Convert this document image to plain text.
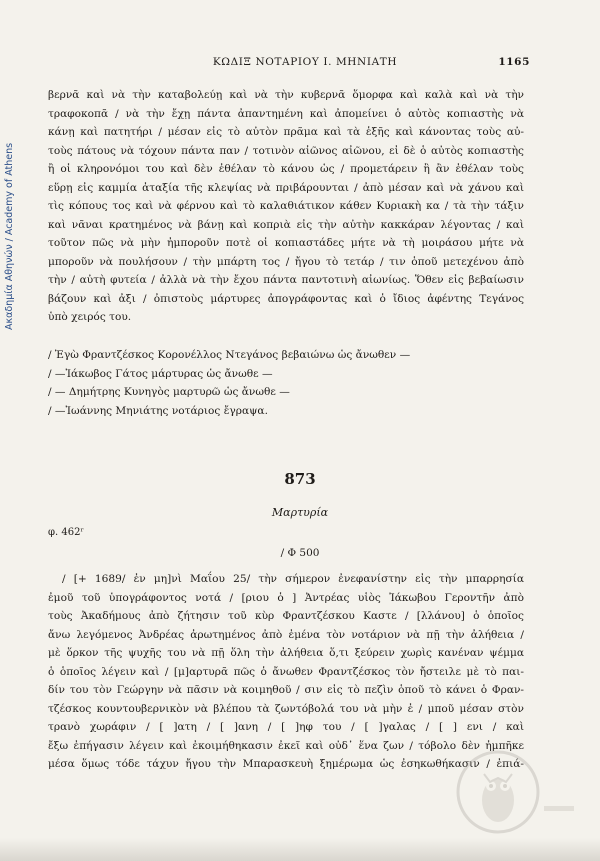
Ακαδημία Αθηνών / Academy of Athens
ΚΩΔΙΞ ΝΟΤΑΡΙΟΥ Ι. ΜΗΝΙΑΤΗ	1165
βερνᾶ καὶ νὰ τὴν καταβολεύῃ καὶ νὰ τὴν κυβερνᾶ ὅμορφα καὶ καλὰ καὶ νὰ τὴν
τραφοκοπᾶ / νὰ τὴν ἔχῃ πάντα ἀπαντημένη καὶ ἀπομείνει ὁ αὐτὸς κοπιαστὴς νὰ
κάνῃ καὶ πατητήρι / μέσαν εἰς τὸ αὐτὸν πρᾶμα καὶ τὰ ἑξῆς καὶ κάνοντας τοὺς αὐ-
τοὺς πάτους νὰ τόχουν πάντα παν / τοτινὸν αἰῶνος αἰῶνου, εἰ δὲ ὁ αὐτὸς κοπιαστὴς
ἢ οἱ κληρονόμοι του καὶ δὲν ἐθέλαν τὸ κάνου ὡς / προμετάρειν ἢ ἂν ἐθέλαν τοὺς
εὕρῃ εἰς καμμία ἀταξία τῆς κλεψίας νὰ πριβάρουνται / ἀπὸ μέσαν καὶ νὰ χάνου καὶ
τὶς κόπους τος καὶ νὰ φέρνου καὶ τὸ καλαθιάτικον κάθεν Κυριακὴ κα / τὰ τὴν τάξιν
καὶ νᾶναι κρατημένος νὰ βάνῃ καὶ κοπριὰ εἰς τὴν αὐτὴν κακκάραν λέγοντας / καὶ
τοῦτον πῶς νὰ μὴν ἠμποροῦν ποτὲ οἱ κοπιαστάδες μήτε νὰ τὴ μοιράσου μήτε νὰ
μποροῦν νὰ πουλήσουν / τὴν μπάρτη τος / ἤγου τὸ τετάρ / τιν ὁποῦ μετεχένου ἀπὸ
τὴν / αὐτὴ φυτεία / ἀλλὰ νὰ τὴν ἔχου πάντα παντοτινὴ αἰωνίως. Ὅθεν εἰς βεβαίωσιν
βάζουν καὶ ἀξι / ὀπιστοὺς μάρτυρες ἀπογράφοντας καὶ ὁ ἴδιος ἀφέντης Τεγάνος
ὑπὸ χειρός του.
/ Ἐγὼ Φραντζέσκος Κορονέλλος Ντεγάνος βεβαιώνω ὡς ἄνωθεν —
/ —Ἰάκωβος Γάτος μάρτυρας ὡς ἄνωθε —
/ — Δημήτρης Κυνηγὸς μαρτυρῶ ὡς ἄνωθε —
/ —Ἰωάννης Μηνιάτης νοτάριος ἔγραψα.
873
Μαρτυρία
φ. 462ʳ
/ Φ 500
/ [+ 1689/ ἐν μη]νὶ Μαΐου 25/ τὴν σήμερον ἐνεφανίστην εἰς τὴν μπαρρησία
ἐμοῦ τοῦ ὑπογράφοντος νοτά / [ριου ὁ ] Ἀντρέας υἱὸς Ἰάκωβου Γεροντῆν ἀπὸ
τοὺς Ἀκαδήμους ἀπὸ ζήτησιν τοῦ κὺρ Φραντζέσκου Καστε / [λλάνου] ὁ ὁποῖος
ἄνω λεγόμενος Ἀνδρέας ἀρωτημένος ἀπὸ ἐμένα τὸν νοτάριον νὰ πῇ τὴν ἀλήθεια /
μὲ ὅρκον τῆς ψυχῆς του νὰ πῇ ὅλη τὴν ἀλήθεια ὅ,τι ξεύρειν χωρὶς κανέναν ψέμμα
ὁ ὁποῖος λέγειν καὶ / [μ]αρτυρᾶ πῶς ὁ ἄνωθεν Φραντζέσκος τὸν ἤστειλε μὲ τὸ παι-
δίν του τὸν Γεώργην νὰ πᾶσιν νὰ κοιμηθοῦ / σιν εἰς τὸ πεζὶν ὁποῦ τὸ κάνει ὁ Φραν-
τζέσκος κουντουβερνικὸν νὰ βλέπου τὰ ζωντόβολά του νὰ μὴν ἐ / μποῦ μέσαν στὸν
τρανὸ χωράφιν / [ ]ατη / [ ]ανη / [ ]ηφ του / [ ]γαλας / [ ] ενι / καὶ
ἔξω ἐπήγασιν λέγειν καὶ ἐκοιμήθηκασιν ἐκεῖ καὶ οὐδ᾽ ἕνα ζων / τόβολο δὲν ἠμπῆκε
μέσα ὅμως τόδε τάχυν ἤγου τὴν Μπαρασκευὴ ξημέρωμα ὡς ἐσηκωθήκασιν / ἐπιά-
